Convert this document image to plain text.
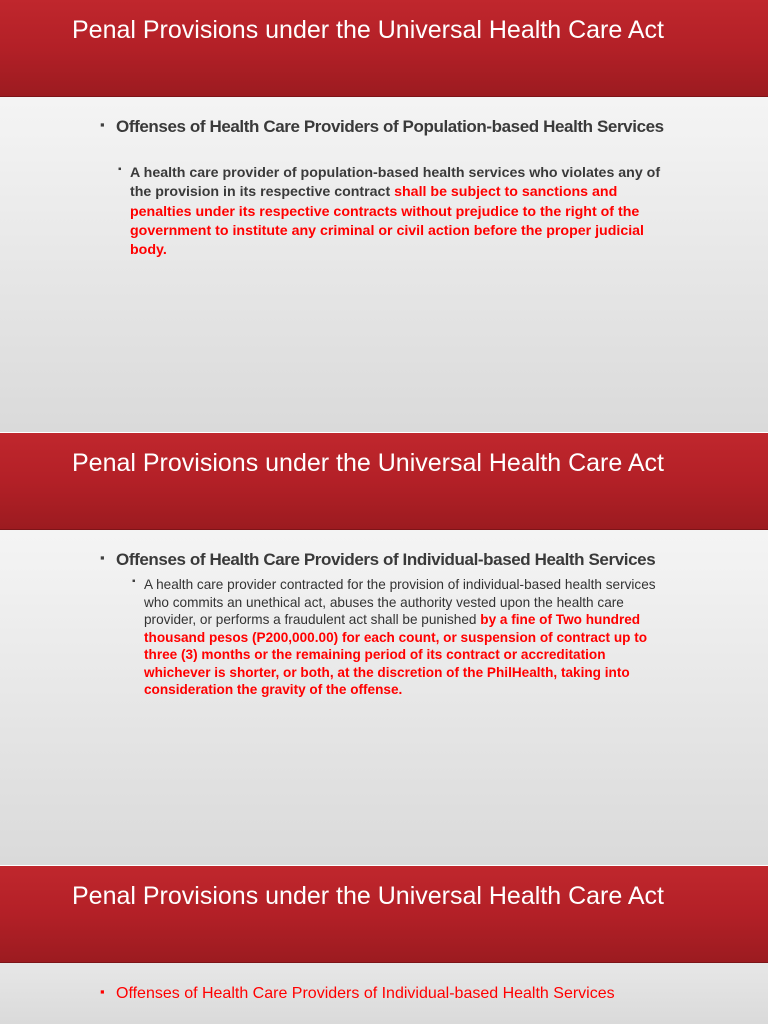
Penal Provisions under the Universal Health Care Act
▪ Offenses of Health Care Providers of Population-based Health Services
▪ A health care provider of population-based health services who violates any of the provision in its respective contract shall be subject to sanctions and penalties under its respective contracts without prejudice to the right of the government to institute any criminal or civil action before the proper judicial body.
Penal Provisions under the Universal Health Care Act
▪ Offenses of Health Care Providers of Individual-based Health Services
▪ A health care provider contracted for the provision of individual-based health services who commits an unethical act, abuses the authority vested upon the health care provider, or performs a fraudulent act shall be punished by a fine of Two hundred thousand pesos (P200,000.00) for each count, or suspension of contract up to three (3) months or the remaining period of its contract or accreditation whichever is shorter, or both, at the discretion of the PhilHealth, taking into consideration the gravity of the offense.
Penal Provisions under the Universal Health Care Act
▪ Offenses of Health Care Providers of Individual-based Health Services
